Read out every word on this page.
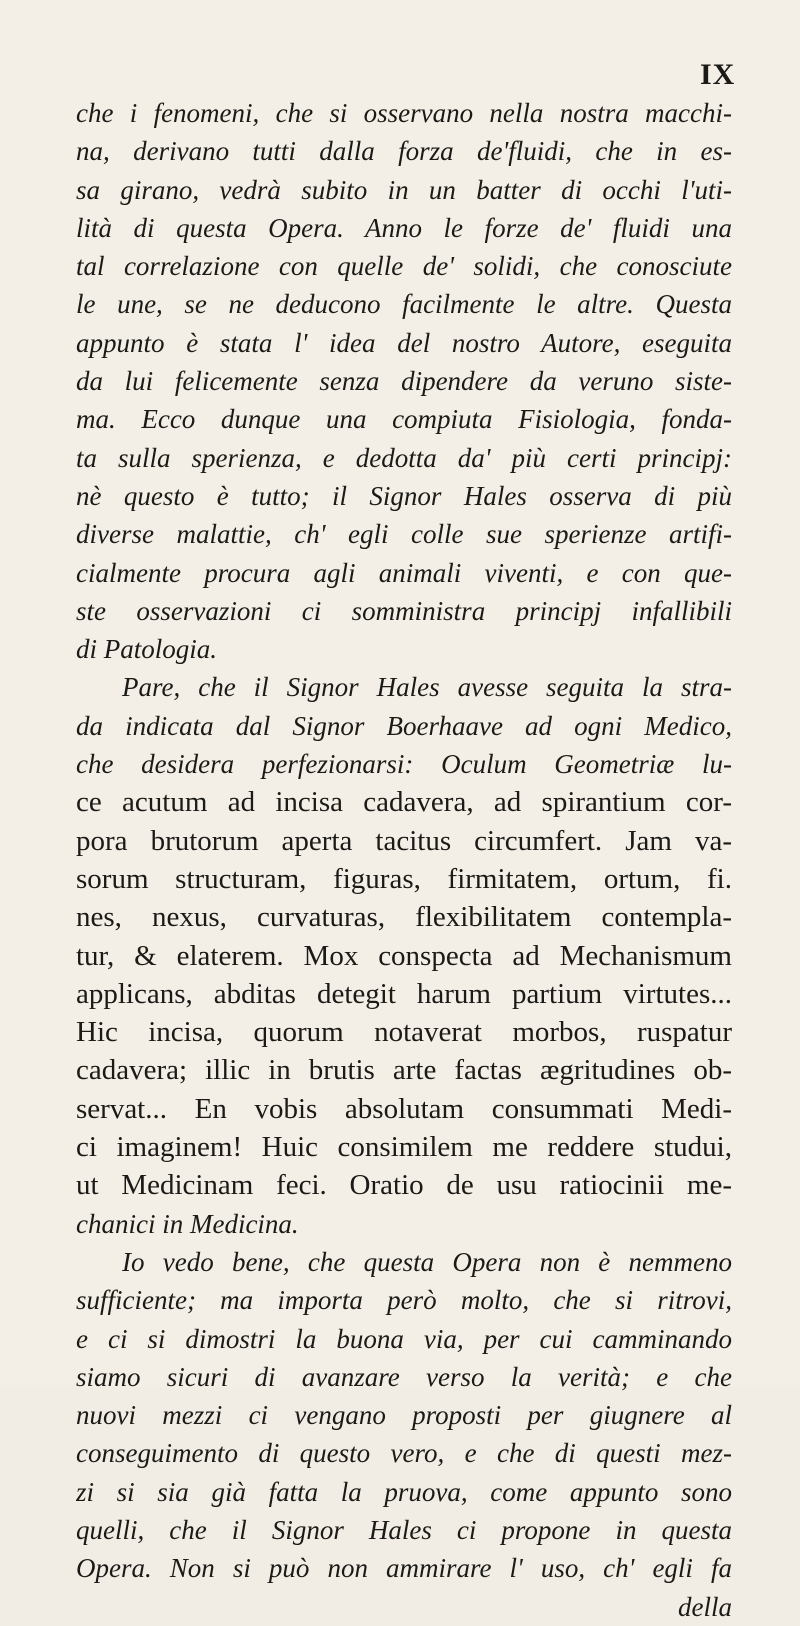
IX
che i fenomeni, che si osservano nella nostra macchi-
na, derivano tutti dalla forza de'fluidi, che in es-
sa girano, vedrà subito in un batter di occhi l'uti-
lità di questa Opera. Anno le forze de' fluidi una
tal correlazione con quelle de' solidi, che conosciute
le une, se ne deducono facilmente le altre. Questa
appunto è stata l' idea del nostro Autore, eseguita
da lui felicemente senza dipendere da veruno siste-
ma. Ecco dunque una compiuta Fisiologia, fonda-
ta sulla sperienza, e dedotta da' più certi principj:
nè questo è tutto; il Signor Hales osserva di più
diverse malattie, ch' egli colle sue sperienze artifi-
cialmente procura agli animali viventi, e con que-
ste osservazioni ci somministra principj infallibili
di Patologia.
Pare, che il Signor Hales avesse seguita la stra-
da indicata dal Signor Boerhaave ad ogni Medico,
che desidera perfezionarsi: Oculum Geometriæ lu-
ce acutum ad incisa cadavera, ad spirantium cor-
pora brutorum aperta tacitus circumfert. Jam va-
sorum structuram, figuras, firmitatem, ortum, fi.
nes, nexus, curvaturas, flexibilitatem contempla-
tur, & elaterem. Mox conspecta ad Mechanismum
applicans, abditas detegit harum partium virtutes...
Hic incisa, quorum notaverat morbos, ruspatur
cadavera; illic in brutis arte factas ægritudines ob-
servat... En vobis absolutam consummati Medi-
ci imaginem! Huic consimilem me reddere studui,
ut Medicinam feci. Oratio de usu ratiocinii me-
chanici in Medicina.
Io vedo bene, che questa Opera non è nemmeno
sufficiente; ma importa però molto, che si ritrovi,
e ci si dimostri la buona via, per cui camminando
siamo sicuri di avanzare verso la verità; e che
nuovi mezzi ci vengano proposti per giugnere al
conseguimento di questo vero, e che di questi mez-
zi si sia già fatta la pruova, come appunto sono
quelli, che il Signor Hales ci propone in questa
Opera. Non si può non ammirare l' uso, ch' egli fa
della
